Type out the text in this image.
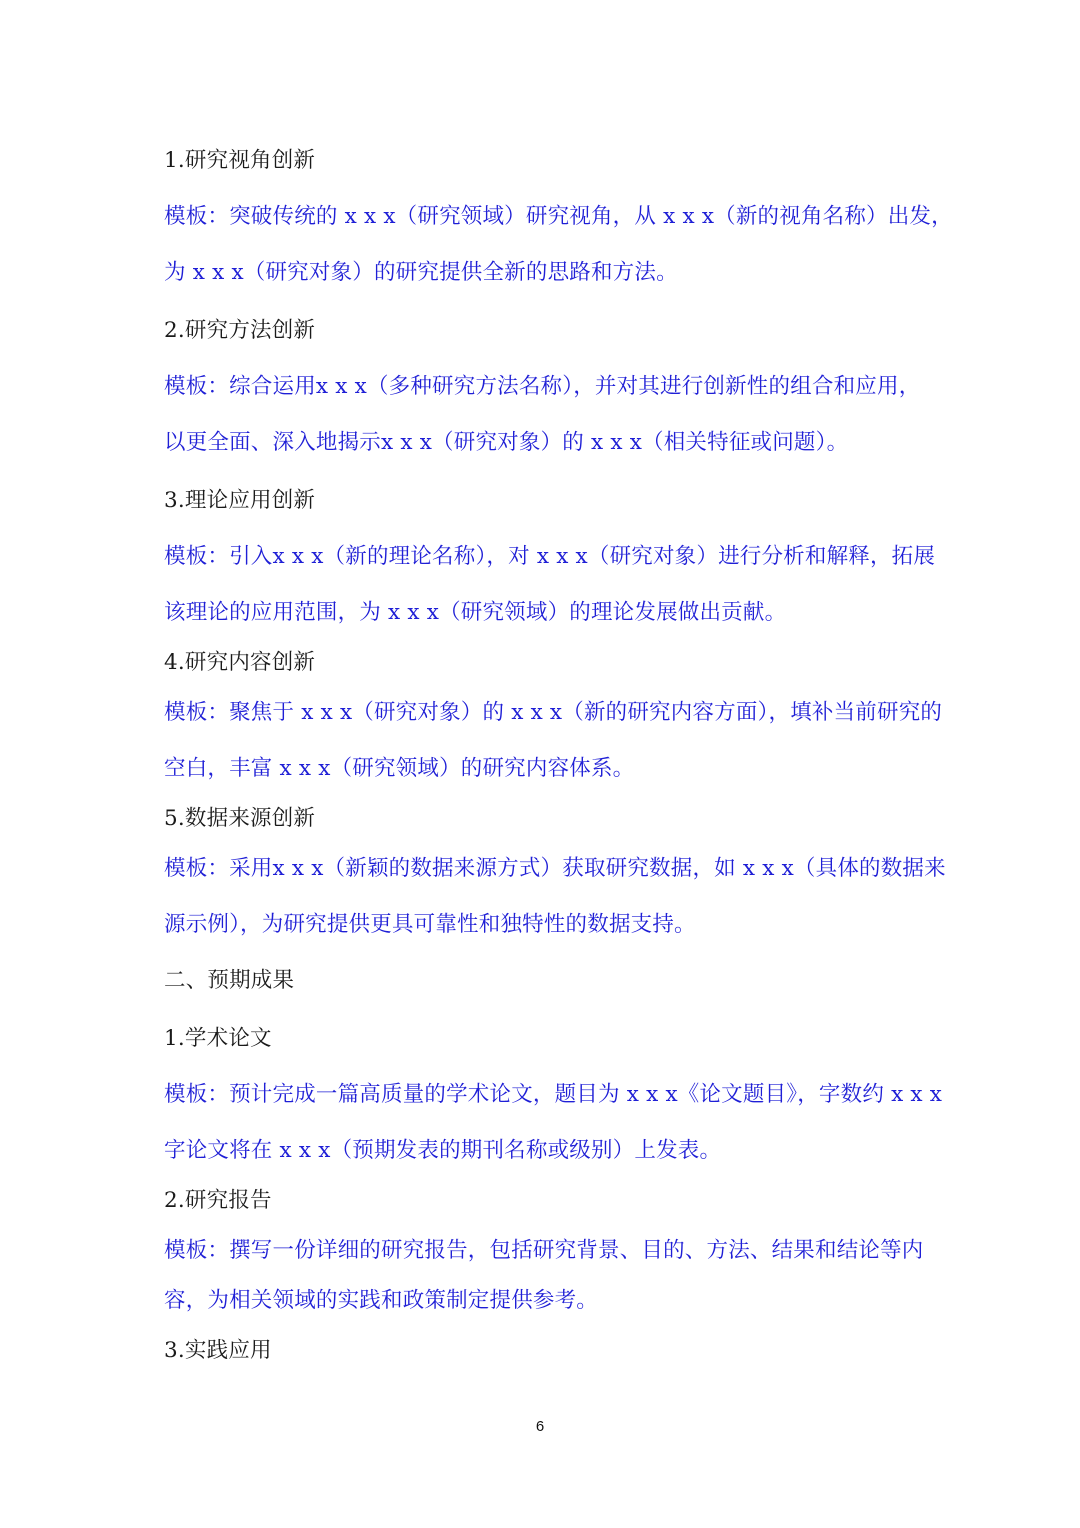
1.研究视角创新
模板：突破传统的 x x x（研究领域）研究视角，从 x x x（新的视角名称）出发，
为 x x x（研究对象）的研究提供全新的思路和方法。
2.研究方法创新
模板：综合运用x x x（多种研究方法名称），并对其进行创新性的组合和应用，
以更全面、深入地揭示x x x（研究对象）的 x x x（相关特征或问题）。
3.理论应用创新
模板：引入x x x（新的理论名称），对 x x x（研究对象）进行分析和解释，拓展
该理论的应用范围，为 x x x（研究领域）的理论发展做出贡献。
4.研究内容创新
模板：聚焦于 x x x（研究对象）的 x x x（新的研究内容方面），填补当前研究的
空白，丰富 x x x（研究领域）的研究内容体系。
5.数据来源创新
模板：采用x x x（新颖的数据来源方式）获取研究数据，如 x x x（具体的数据来
源示例），为研究提供更具可靠性和独特性的数据支持。
二、预期成果
1.学术论文
模板：预计完成一篇高质量的学术论文，题目为 x x x《论文题目》，字数约 x x x
字论文将在 x x x（预期发表的期刊名称或级别）上发表。
2.研究报告
模板：撰写一份详细的研究报告，包括研究背景、目的、方法、结果和结论等内
容，为相关领域的实践和政策制定提供参考。
3.实践应用
6
